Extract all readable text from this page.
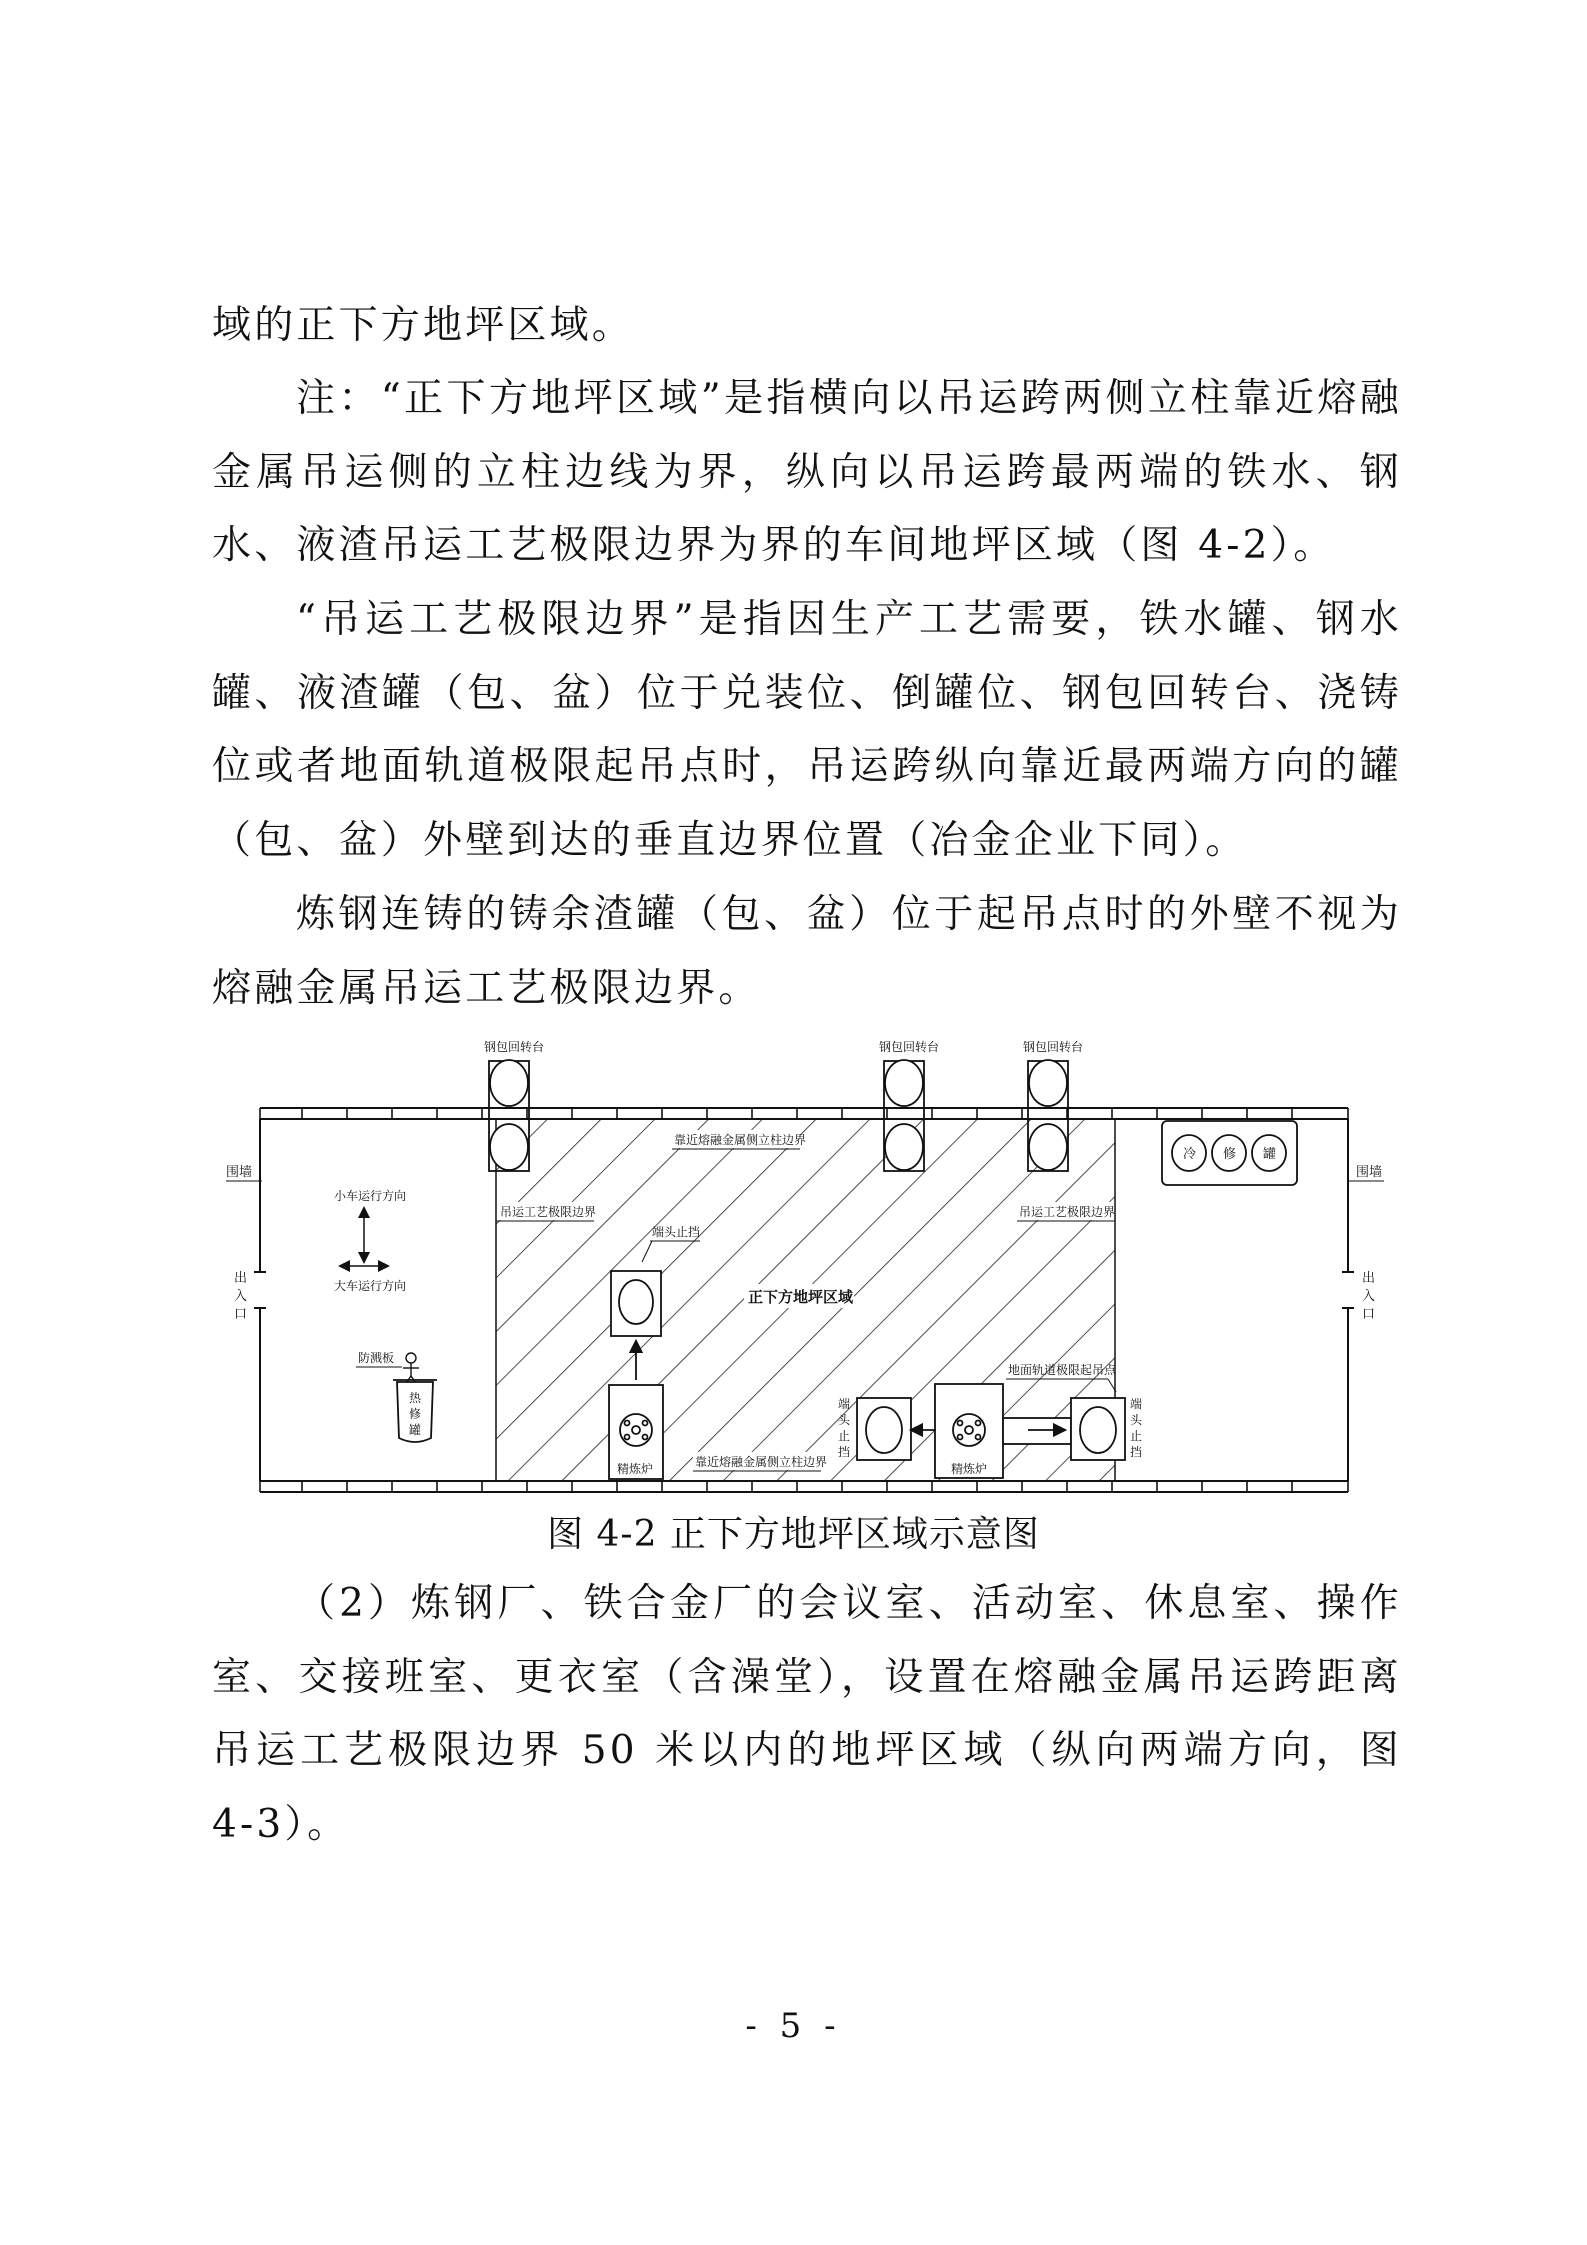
域的正下方地坪区域。

注：“正下方地坪区域”是指横向以吊运跨两侧立柱靠近熔融金属吊运侧的立柱边线为界，纵向以吊运跨最两端的铁水、钢水、液渣吊运工艺极限边界为界的车间地坪区域（图 4-2）。

“吊运工艺极限边界”是指因生产工艺需要，铁水罐、钢水罐、液渣罐（包、盆）位于兑装位、倒罐位、钢包回转台、浇铸位或者地面轨道极限起吊点时，吊运跨纵向靠近最两端方向的罐（包、盆）外壁到达的垂直边界位置（冶金企业下同）。

炼钢连铸的铸余渣罐（包、盆）位于起吊点时的外壁不视为熔融金属吊运工艺极限边界。

围墙	围墙
出
入
口
出
入
口
钢包回转台	钢包回转台	钢包回转台
靠近熔融金属侧立柱边界
吊运工艺极限边界	吊运工艺极限边界
正下方地坪区域
冷 修 罐
小车运行方向
大车运行方向
防溅板
热
修
罐
端头止挡
精炼炉	靠近熔融金属侧立柱边界
地面轨道极限起吊点
精炼炉
端
头
止
挡
端
头
止
挡
图 4-2 正下方地坪区域示意图

（2）炼钢厂、铁合金厂的会议室、活动室、休息室、操作室、交接班室、更衣室（含澡堂），设置在熔融金属吊运跨距离吊运工艺极限边界 50 米以内的地坪区域（纵向两端方向，图 4-3）。

- 5 -
